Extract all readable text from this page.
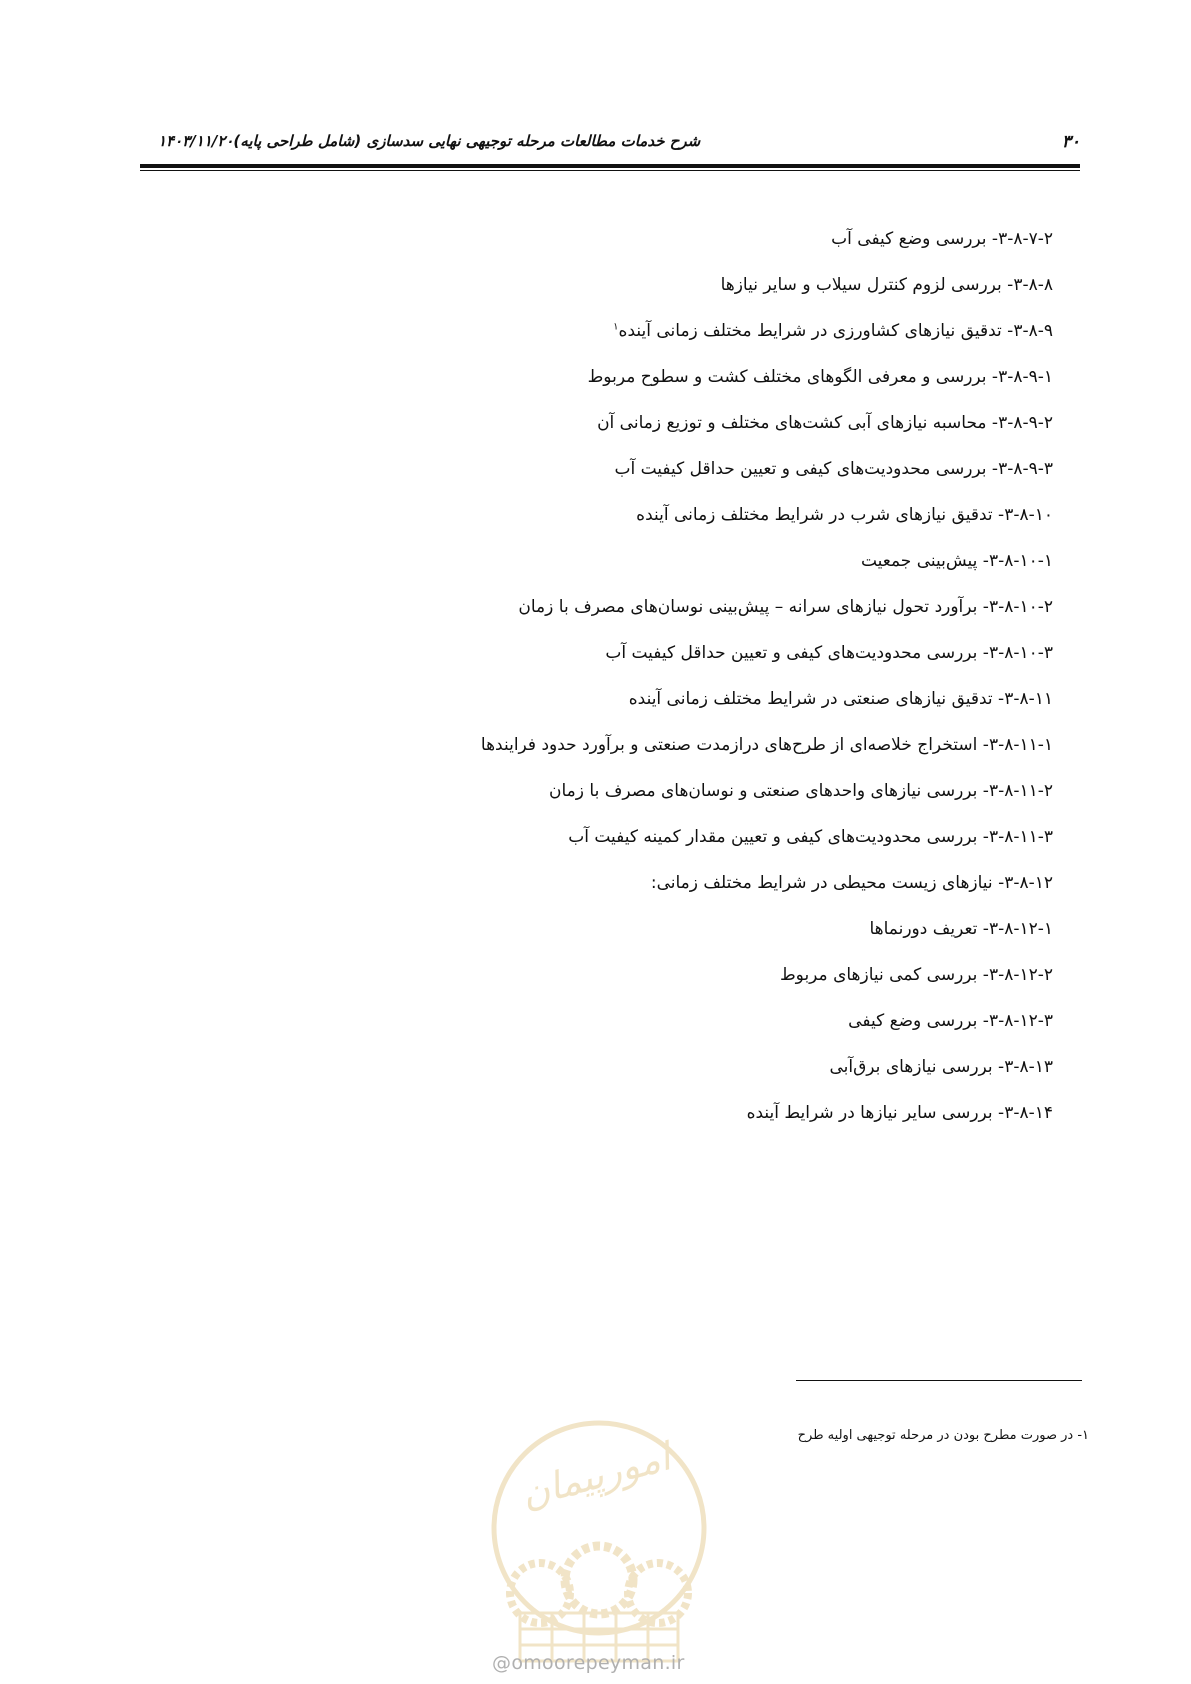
۳۰
شرح خدمات مطالعات مرحله توجیهی نهایی سدسازی (شامل طراحی پایه)۱۴۰۳/۱۱/۲۰
۳-۸-۷-۲- بررسی وضع کیفی آب
۳-۸-۸- بررسی لزوم کنترل سیلاب و سایر نیازها
۳-۸-۹- تدقیق نیازهای کشاورزی در شرایط مختلف زمانی آینده$^۱$
۳-۸-۹-۱- بررسی و معرفی الگوهای مختلف کشت و سطوح مربوط
۳-۸-۹-۲- محاسبه نیازهای آبی کشت‌های مختلف و توزیع زمانی آن
۳-۸-۹-۳- بررسی محدودیت‌های کیفی و تعیین حداقل کیفیت آب
۳-۸-۱۰- تدقیق نیازهای شرب در شرایط مختلف زمانی آینده
۳-۸-۱۰-۱- پیش‌بینی جمعیت
۳-۸-۱۰-۲- برآورد تحول نیازهای سرانه – پیش‌بینی نوسان‌های مصرف با زمان
۳-۸-۱۰-۳- بررسی محدودیت‌های کیفی و تعیین حداقل کیفیت آب
۳-۸-۱۱- تدقیق نیازهای صنعتی در شرایط مختلف زمانی آینده
۳-۸-۱۱-۱- استخراج خلاصه‌ای از طرح‌های درازمدت صنعتی و برآورد حدود فرایندها
۳-۸-۱۱-۲- بررسی نیازهای واحدهای صنعتی و نوسان‌های مصرف با زمان
۳-۸-۱۱-۳- بررسی محدودیت‌های کیفی و تعیین مقدار کمینه کیفیت آب
۳-۸-۱۲- نیازهای زیست محیطی در شرایط مختلف زمانی:
۳-۸-۱۲-۱- تعریف دورنماها
۳-۸-۱۲-۲- بررسی کمی نیازهای مربوط
۳-۸-۱۲-۳- بررسی وضع کیفی
۳-۸-۱۳- بررسی نیازهای برق‌آبی
۳-۸-۱۴- بررسی سایر نیازها در شرایط آینده
۱- در صورت مطرح بودن در مرحله توجیهی اولیه طرح
امورپیمان
@omoorepeyman.ir
